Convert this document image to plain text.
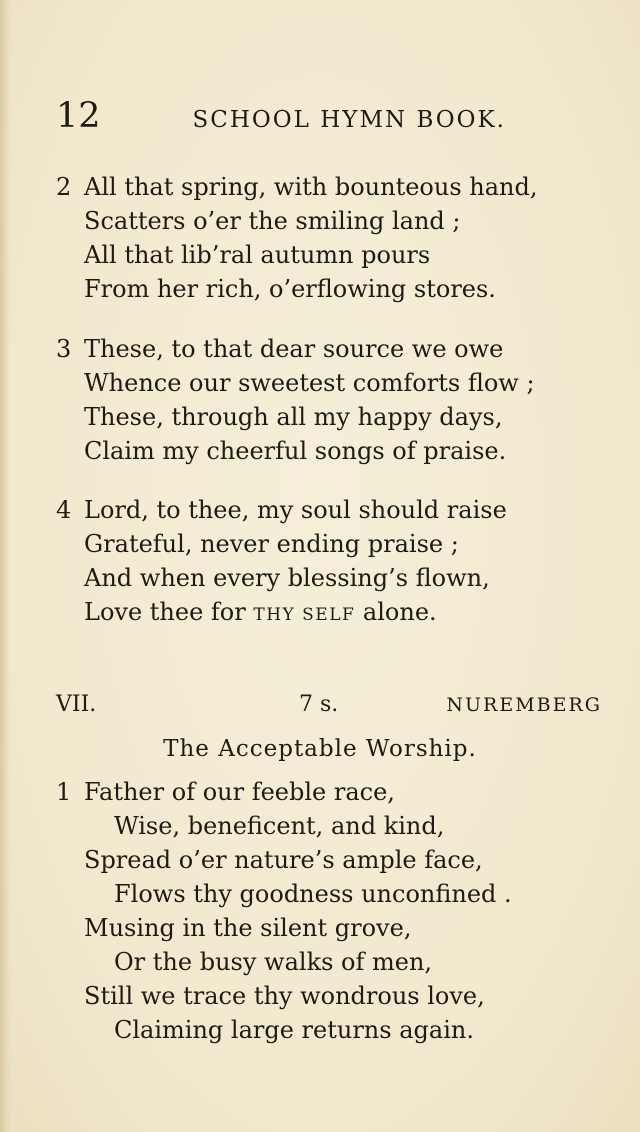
12	SCHOOL HYMN BOOK.
2 All that spring, with bounteous hand,
Scatters o’er the smiling land ;
All that lib’ral autumn pours
From her rich, o’erflowing stores.
3 These, to that dear source we owe
Whence our sweetest comforts flow ;
These, through all my happy days,
Claim my cheerful songs of praise.
4 Lord, to thee, my soul should raise
Grateful, never ending praise ;
And when every blessing’s flown,
Love thee for THY SELF alone.
VII.	7 s.	NUREMBERG
The Acceptable Worship.
1 Father of our feeble race,
Wise, beneficent, and kind,
Spread o’er nature’s ample face,
Flows thy goodness unconfined .
Musing in the silent grove,
Or the busy walks of men,
Still we trace thy wondrous love,
Claiming large returns again.
